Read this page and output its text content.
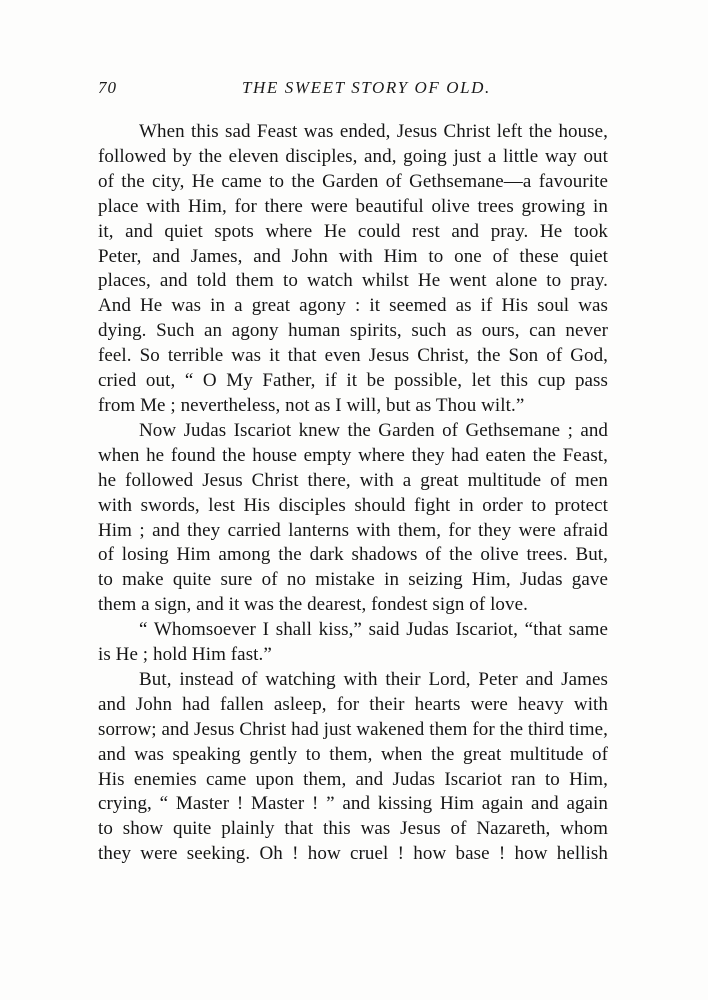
70	THE SWEET STORY OF OLD.
When this sad Feast was ended, Jesus Christ left the house,
followed by the eleven disciples, and, going just a little way out
of the city, He came to the Garden of Gethsemane—a favourite
place with Him, for there were beautiful olive trees growing in
it, and quiet spots where He could rest and pray. He took
Peter, and James, and John with Him to one of these quiet
places, and told them to watch whilst He went alone to pray.
And He was in a great agony : it seemed as if His soul was
dying. Such an agony human spirits, such as ours, can never
feel. So terrible was it that even Jesus Christ, the Son of God,
cried out, “ O My Father, if it be possible, let this cup pass
from Me ; nevertheless, not as I will, but as Thou wilt.”
Now Judas Iscariot knew the Garden of Gethsemane ; and
when he found the house empty where they had eaten the Feast,
he followed Jesus Christ there, with a great multitude of men
with swords, lest His disciples should fight in order to protect
Him ; and they carried lanterns with them, for they were afraid
of losing Him among the dark shadows of the olive trees. But,
to make quite sure of no mistake in seizing Him, Judas gave
them a sign, and it was the dearest, fondest sign of love.
“ Whomsoever I shall kiss,” said Judas Iscariot, “that same
is He ; hold Him fast.”
But, instead of watching with their Lord, Peter and James
and John had fallen asleep, for their hearts were heavy with
sorrow; and Jesus Christ had just wakened them for the third time,
and was speaking gently to them, when the great multitude of
His enemies came upon them, and Judas Iscariot ran to Him,
crying, “ Master ! Master ! ” and kissing Him again and again
to show quite plainly that this was Jesus of Nazareth, whom
they were seeking. Oh ! how cruel ! how base ! how hellish
